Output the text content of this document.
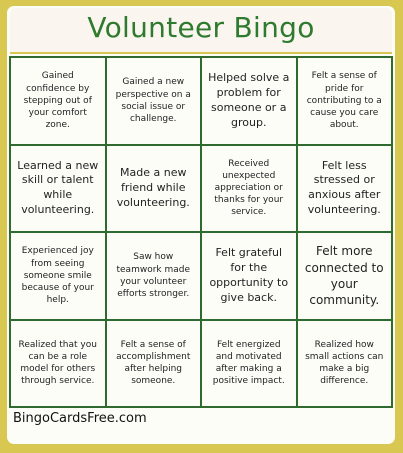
Volunteer Bingo
Gained confidence by stepping out of your comfort zone.
Gained a new perspective on a social issue or challenge.
Helped solve a problem for someone or a group.
Felt a sense of pride for contributing to a cause you care about.
Learned a new skill or talent while volunteering.
Made a new friend while volunteering.
Received unexpected appreciation or thanks for your service.
Felt less stressed or anxious after volunteering.
Experienced joy from seeing someone smile because of your help.
Saw how teamwork made your volunteer efforts stronger.
Felt grateful for the opportunity to give back.
Felt more connected to your community.
Realized that you can be a role model for others through service.
Felt a sense of accomplishment after helping someone.
Felt energized and motivated after making a positive impact.
Realized how small actions can make a big difference.
BingoCardsFree.com
